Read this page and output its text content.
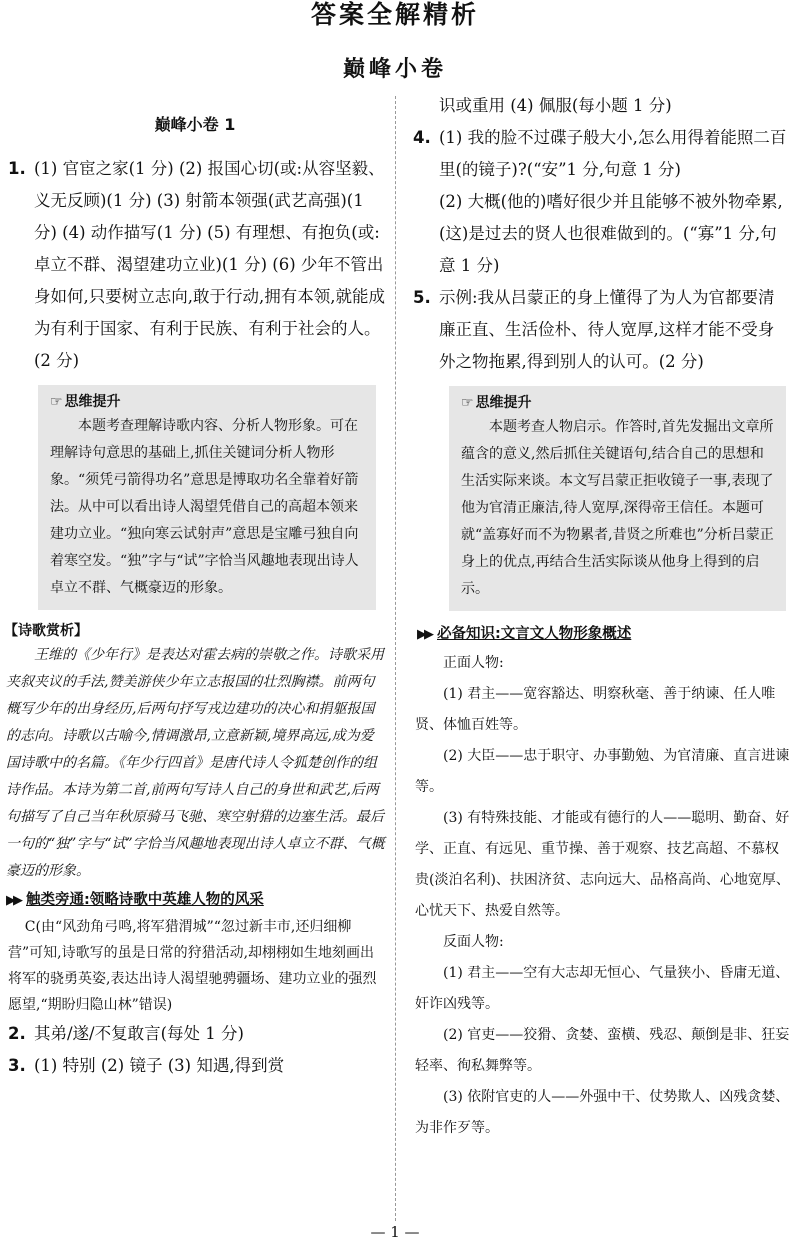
答案全解精析
巅峰小卷
巅峰小卷 1
1. (1) 官宦之家(1 分) (2) 报国心切(或:从容坚毅、义无反顾)(1 分) (3) 射箭本领强(武艺高强)(1 分) (4) 动作描写(1 分) (5) 有理想、有抱负(或:卓立不群、渴望建功立业)(1 分) (6) 少年不管出身如何,只要树立志向,敢于行动,拥有本领,就能成为有利于国家、有利于民族、有利于社会的人。(2 分)

☞ 思维提升

本题考查理解诗歌内容、分析人物形象。可在理解诗句意思的基础上,抓住关键词分析人物形象。“须凭弓箭得功名”意思是博取功名全靠着好箭法。从中可以看出诗人渴望凭借自己的高超本领来建功立业。“独向寒云试射声”意思是宝雕弓独自向着寒空发。“独”字与“试”字恰当风趣地表现出诗人卓立不群、气概豪迈的形象。

【诗歌赏析】

王维的《少年行》是表达对霍去病的崇敬之作。诗歌采用夹叙夹议的手法,赞美游侠少年立志报国的壮烈胸襟。前两句概写少年的出身经历,后两句抒写戎边建功的决心和捐躯报国的志向。诗歌以古喻今,情调激昂,立意新颖,境界高远,成为爱国诗歌中的名篇。《年少行四首》是唐代诗人令狐楚创作的组诗作品。本诗为第二首,前两句写诗人自己的身世和武艺,后两句描写了自己当年秋原骑马飞驰、寒空射猎的边塞生活。最后一句的“独”字与“试”字恰当风趣地表现出诗人卓立不群、气概豪迈的形象。

▶▶ 触类旁通:领略诗歌中英雄人物的风采

C(由“风劲角弓鸣,将军猎渭城”“忽过新丰市,还归细柳营”可知,诗歌写的虽是日常的狩猎活动,却栩栩如生地刻画出将军的骁勇英姿,表达出诗人渴望驰骋疆场、建功立业的强烈愿望,“期盼归隐山林”错误)

2. 其弟/遂/不复敢言(每处 1 分)

3. (1) 特别 (2) 镜子 (3) 知遇,得到赏

识或重用 (4) 佩服(每小题 1 分)

4. (1) 我的脸不过碟子般大小,怎么用得着能照二百里(的镜子)?(“安”1 分,句意 1 分)

(2) 大概(他的)嗜好很少并且能够不被外物牵累,(这)是过去的贤人也很难做到的。(“寡”1 分,句意 1 分)

5. 示例:我从吕蒙正的身上懂得了为人为官都要清廉正直、生活俭朴、待人宽厚,这样才能不受身外之物拖累,得到别人的认可。(2 分)

☞ 思维提升

本题考查人物启示。作答时,首先发掘出文章所蕴含的意义,然后抓住关键语句,结合自己的思想和生活实际来谈。本文写吕蒙正拒收镜子一事,表现了他为官清正廉洁,待人宽厚,深得帝王信任。本题可就“盖寡好而不为物累者,昔贤之所难也”分析吕蒙正身上的优点,再结合生活实际谈从他身上得到的启示。

▶▶ 必备知识:文言文人物形象概述

正面人物:

(1) 君主——宽容豁达、明察秋毫、善于纳谏、任人唯贤、体恤百姓等。

(2) 大臣——忠于职守、办事勤勉、为官清廉、直言进谏等。

(3) 有特殊技能、才能或有德行的人——聪明、勤奋、好学、正直、有远见、重节操、善于观察、技艺高超、不慕权贵(淡泊名利)、扶困济贫、志向远大、品格高尚、心地宽厚、心忧天下、热爱自然等。

反面人物:

(1) 君主——空有大志却无恒心、气量狭小、昏庸无道、奸诈凶残等。

(2) 官吏——狡猾、贪婪、蛮横、残忍、颠倒是非、狂妄轻率、徇私舞弊等。

(3) 依附官吏的人——外强中干、仗势欺人、凶残贪婪、为非作歹等。

— 1 —
